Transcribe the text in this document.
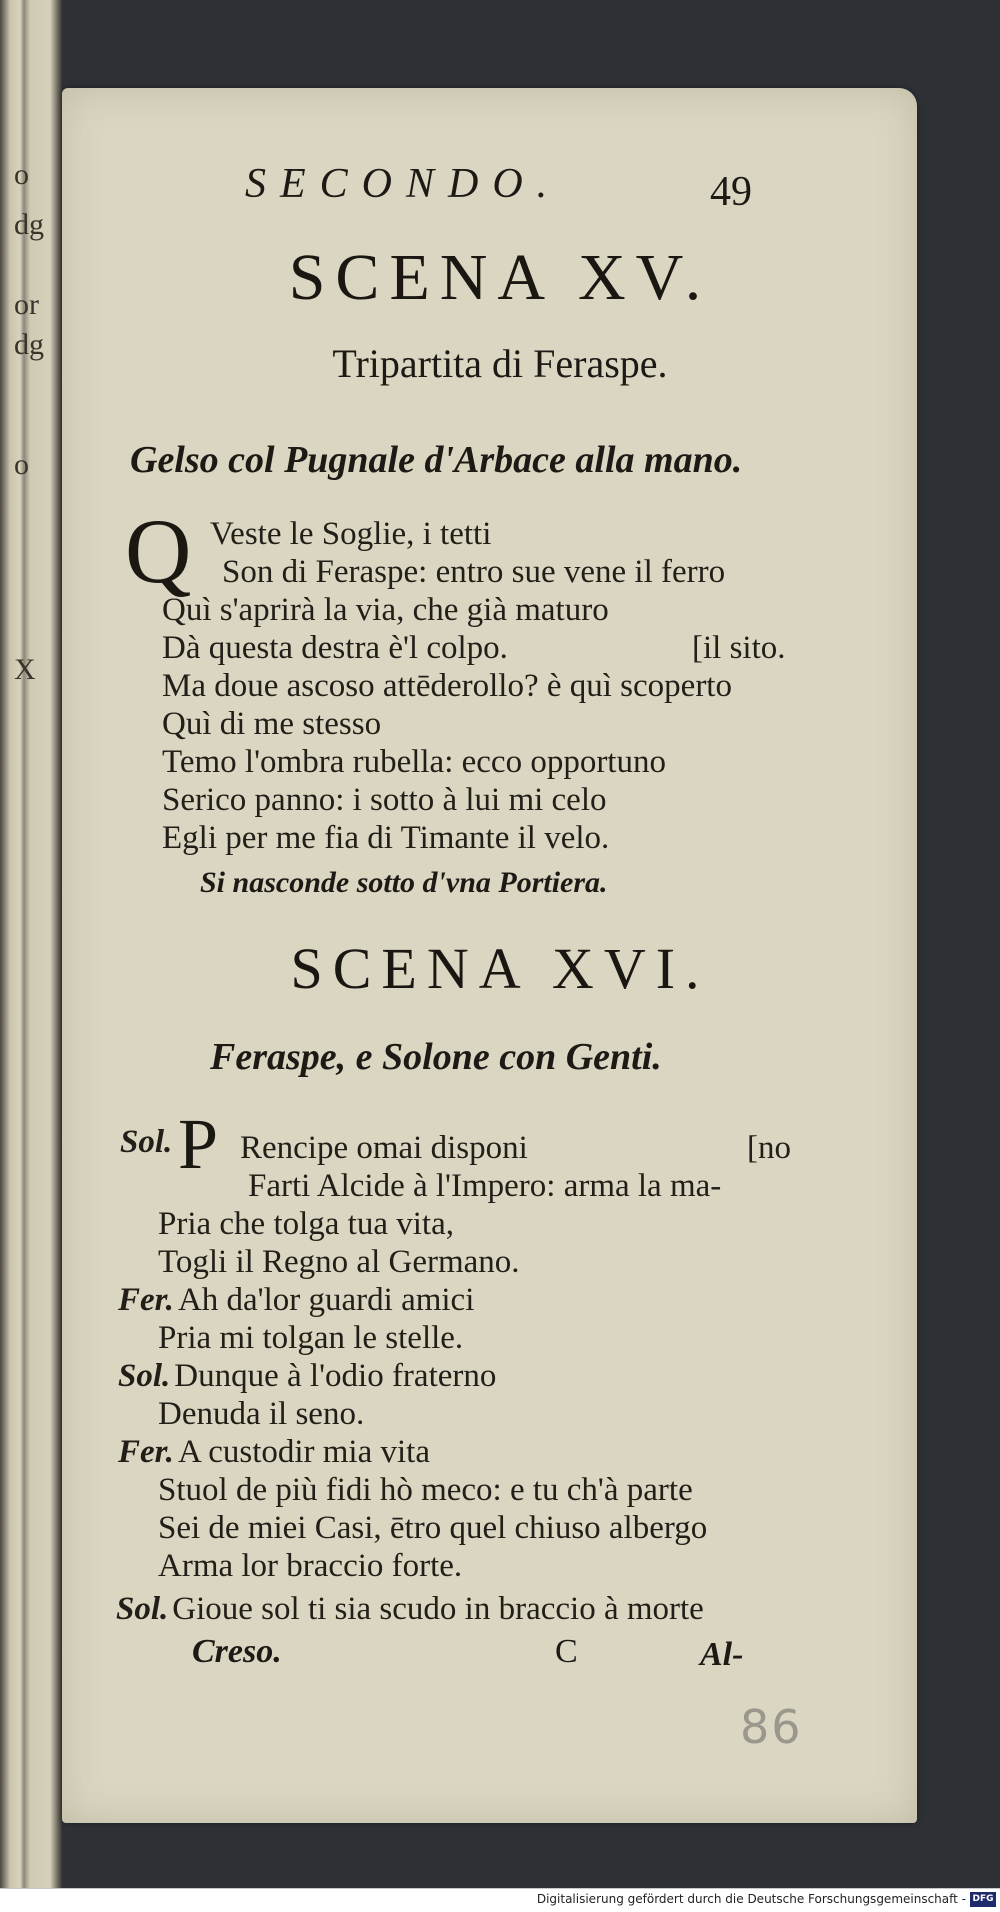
o
dg
or
dg
o
X
SECONDO.	49
SCENA XV.
Tripartita di Feraspe.
Gelso col Pugnale d'Arbace alla mano.
Q Veste le Soglie, i tetti
Son di Feraspe: entro sue vene il ferro
Quì s'aprirà la via, che già maturo
Dà questa destra è'l colpo.	[il sito.
Ma doue ascoso attēderollo? è quì scoperto
Quì di me stesso
Temo l'ombra rubella: ecco opportuno
Serico panno: i sotto à lui mi celo
Egli per me fia di Timante il velo.
Si nasconde sotto d'vna Portiera.
SCENA XVI.
Feraspe, e Solone con Genti.
Sol. P Rencipe omai disponi	[no
Farti Alcide à l'Impero: arma la ma-
Pria che tolga tua vita,
Togli il Regno al Germano.
Fer. Ah da'lor guardi amici
Pria mi tolgan le stelle.
Sol. Dunque à l'odio fraterno
Denuda il seno.
Fer. A custodir mia vita
Stuol de più fidi hò meco: e tu ch'à parte
Sei de miei Casi, ētro quel chiuso albergo
Arma lor braccio forte.
Sol. Gioue sol ti sia scudo in braccio à morte
Creso.	C	Al-
86
Digitalisierung gefördert durch die Deutsche Forschungsgemeinschaft - DFG
